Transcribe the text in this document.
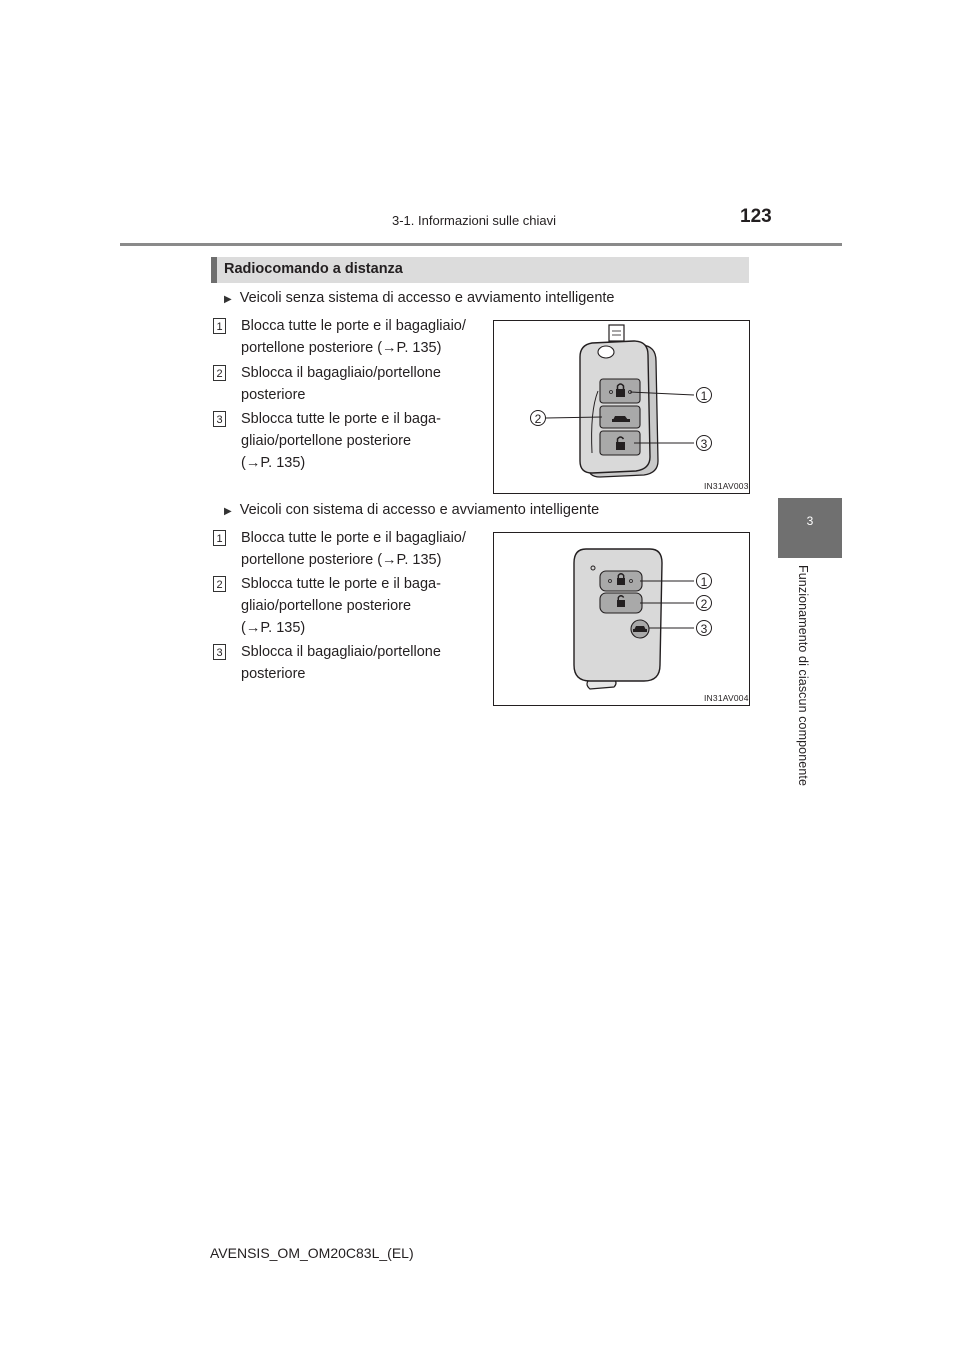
3-1. Informazioni sulle chiavi	123
3
Funzionamento di ciascun componente
Radiocomando a distanza
▶ Veicoli senza sistema di accesso e avviamento intelligente
1 Blocca tutte le porte e il bagagliaio/
portellone posteriore (→P. 135)
2 Sblocca il bagagliaio/portellone
posteriore
3 Sblocca tutte le porte e il baga-
gliaio/portellone posteriore
(→P. 135)
1
2
3
IN31AV003
▶ Veicoli con sistema di accesso e avviamento intelligente
1 Blocca tutte le porte e il bagagliaio/
portellone posteriore (→P. 135)
2 Sblocca tutte le porte e il baga-
gliaio/portellone posteriore
(→P. 135)
3 Sblocca il bagagliaio/portellone
posteriore
1
2
3
IN31AV004
AVENSIS_OM_OM20C83L_(EL)
